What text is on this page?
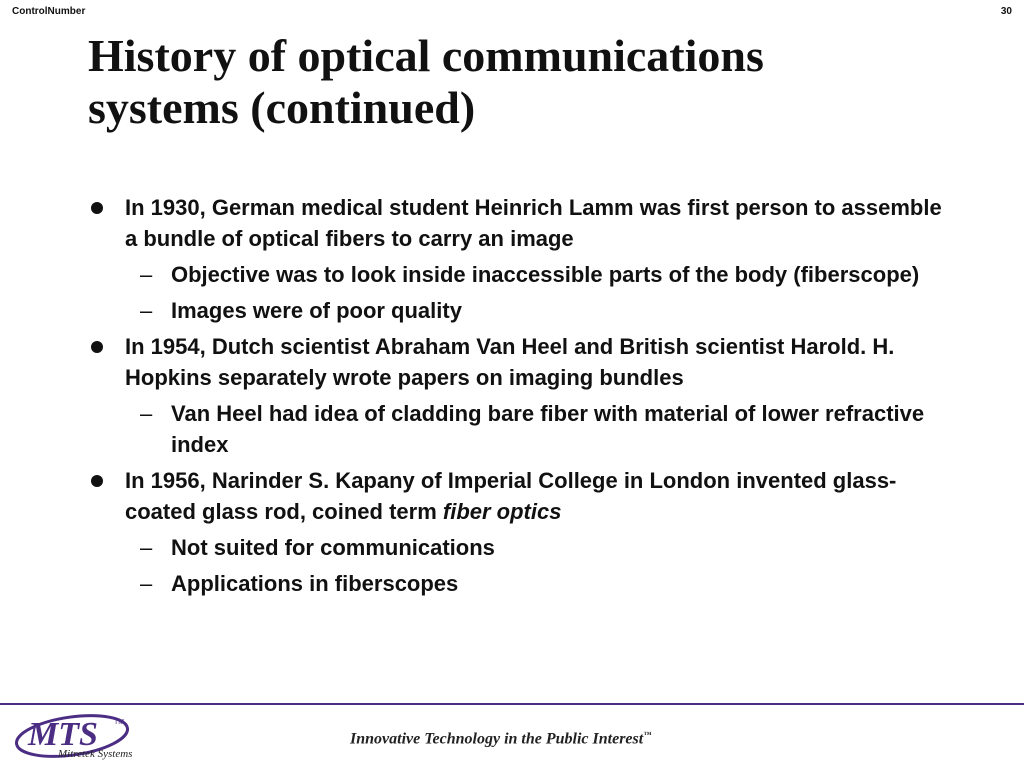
ControlNumber	30
History of optical communications
systems (continued)
In 1930, German medical student Heinrich Lamm was first person to assemble a bundle of optical fibers to carry an image
– Objective was to look inside inaccessible parts of the body (fiberscope)
– Images were of poor quality
In 1954, Dutch scientist Abraham Van Heel and British scientist Harold. H. Hopkins separately wrote papers on imaging bundles
– Van Heel had idea of cladding bare fiber with material of lower refractive index
In 1956, Narinder S. Kapany of Imperial College in London invented glass-coated glass rod, coined term fiber optics
– Not suited for communications
– Applications in fiberscopes
MTS TM
Mitretek Systems
Innovative Technology in the Public Interest™
